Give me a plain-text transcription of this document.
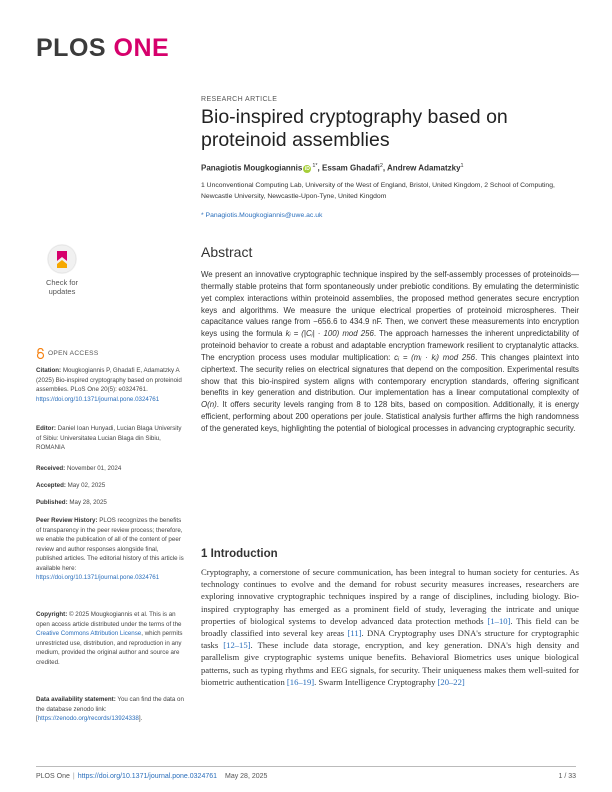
PLOS ONE
RESEARCH ARTICLE
Bio-inspired cryptography based on proteinoid assemblies
Panagiotis Mougkogiannis iD $^{1*}$, Essam Ghadafi$^2$, Andrew Adamatzky$^1$
1 Unconventional Computing Lab, University of the West of England, Bristol, United Kingdom, 2 School of Computing, Newcastle University, Newcastle-Upon-Tyne, United Kingdom
* Panagiotis.Mougkogiannis@uwe.ac.uk
Check for updates
OPEN ACCESS
Citation: Mougkogiannis P, Ghadafi E, Adamatzky A (2025) Bio-inspired cryptography based on proteinoid assemblies. PLoS One 20(5): e0324761. https://doi.org/10.1371/journal.pone.0324761
Editor: Daniel Ioan Hunyadi, Lucian Blaga University of Sibiu: Universitatea Lucian Blaga din Sibiu, ROMANIA
Received: November 01, 2024
Accepted: May 02, 2025
Published: May 28, 2025
Peer Review History: PLOS recognizes the benefits of transparency in the peer review process; therefore, we enable the publication of all of the content of peer review and author responses alongside final, published articles. The editorial history of this article is available here: https://doi.org/10.1371/journal.pone.0324761
Copyright: © 2025 Mougkogiannis et al. This is an open access article distributed under the terms of the Creative Commons Attribution License, which permits unrestricted use, distribution, and reproduction in any medium, provided the original author and source are credited.
Data availability statement: You can find the data on the database zenodo link: [https://zenodo.org/records/13924338].
Abstract
We present an innovative cryptographic technique inspired by the self-assembly processes of proteinoids—thermally stable proteins that form spontaneously under prebiotic conditions. By emulating the deterministic yet complex interactions within proteinoid assemblies, the proposed method generates secure encryption keys and algorithms. We measure the unique electrical properties of proteinoid microspheres. Their capacitance values range from −656.6 to 434.9 nF. Then, we convert these measurements into encryption keys using the formula kᵢ = (|Cᵢ| · 100) mod 256. The approach harnesses the inherent unpredictability of proteinoid behavior to create a robust and adaptable encryption framework resilient to cryptanalytic attacks. The encryption process uses modular multiplication: cᵢ = (mᵢ · kᵢ) mod 256. This changes plaintext into ciphertext. The security relies on electrical signatures that depend on the composition. Experimental results show that this bio-inspired system aligns with contemporary encryption standards, offering significant benefits in key generation and distribution. Our implementation has a linear computational complexity of O(n). It offers security levels ranging from 8 to 128 bits, based on composition. Additionally, it is energy efficient, performing about 200 operations per joule. Statistical analysis further affirms the high randomness of the generated keys, highlighting the potential of biological processes in advancing cryptographic security.
1 Introduction
Cryptography, a cornerstone of secure communication, has been integral to human society for centuries. As technology continues to evolve and the demand for robust security measures increases, researchers are exploring innovative cryptographic techniques inspired by a range of disciplines, including biology. Bio-inspired cryptography has emerged as a prominent field of study, leveraging the intricate and unique properties of biological systems to develop advanced data protection methods [1–10]. This field can be broadly classified into several key areas [11]. DNA Cryptography uses DNA's structure for cryptographic tasks [12–15]. These include data storage, encryption, and key generation. DNA's high density and parallelism give cryptographic systems unique benefits. Behavioral Biometrics uses unique biological patterns, such as typing rhythms and EEG signals, for security. Their uniqueness makes them well-suited for biometric authentication [16–19]. Swarm Intelligence Cryptography [20–22]
PLOS One | https://doi.org/10.1371/journal.pone.0324761 May 28, 2025	1 / 33
